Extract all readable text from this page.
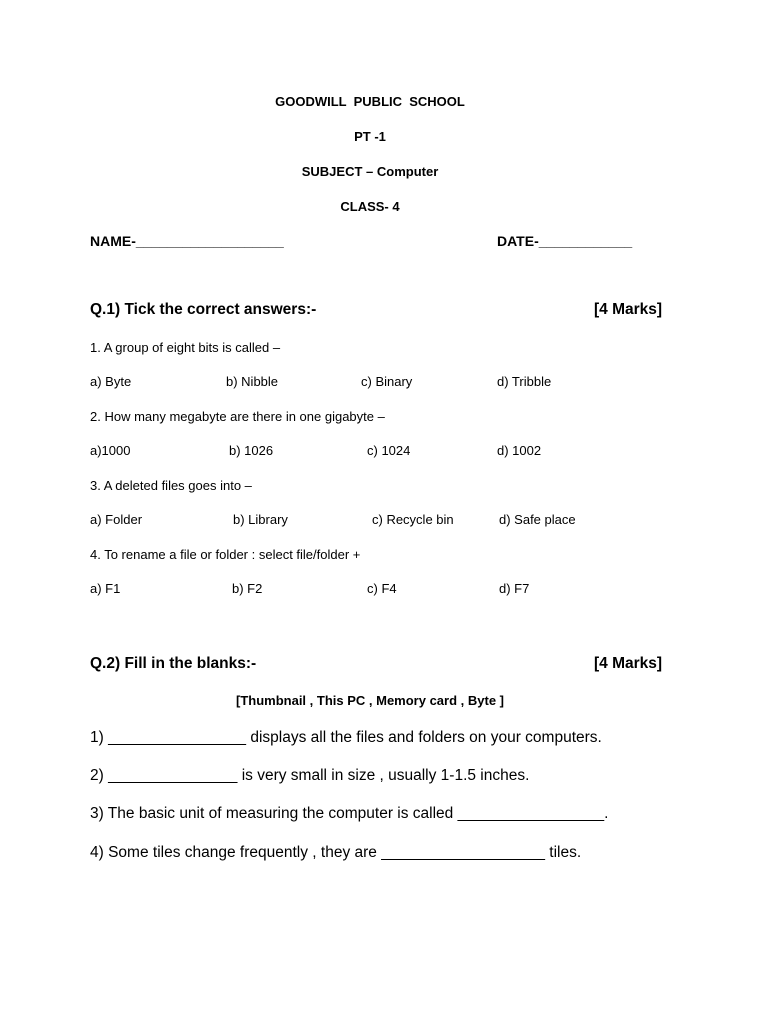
GOODWILL  PUBLIC  SCHOOL
PT -1
SUBJECT – Computer
CLASS- 4
NAME-___________________	DATE-____________
Q.1) Tick the correct answers:-	[4 Marks]
1. A group of eight bits is called –
a) Byte	b) Nibble	c) Binary	d) Tribble
2. How many megabyte are there in one gigabyte –
a)1000	b) 1026	c) 1024	d) 1002
3. A deleted files goes into –
a) Folder	b) Library	c) Recycle bin	d) Safe place
4. To rename a file or folder : select file/folder +
a) F1	b) F2	c) F4	d) F7
Q.2) Fill in the blanks:-	[4 Marks]
[Thumbnail , This PC , Memory card , Byte ]
1) ________________ displays all the files and folders on your computers.
2) _______________ is very small in size , usually 1-1.5 inches.
3) The basic unit of measuring the computer is called _________________.
4) Some tiles change frequently , they are ___________________ tiles.
